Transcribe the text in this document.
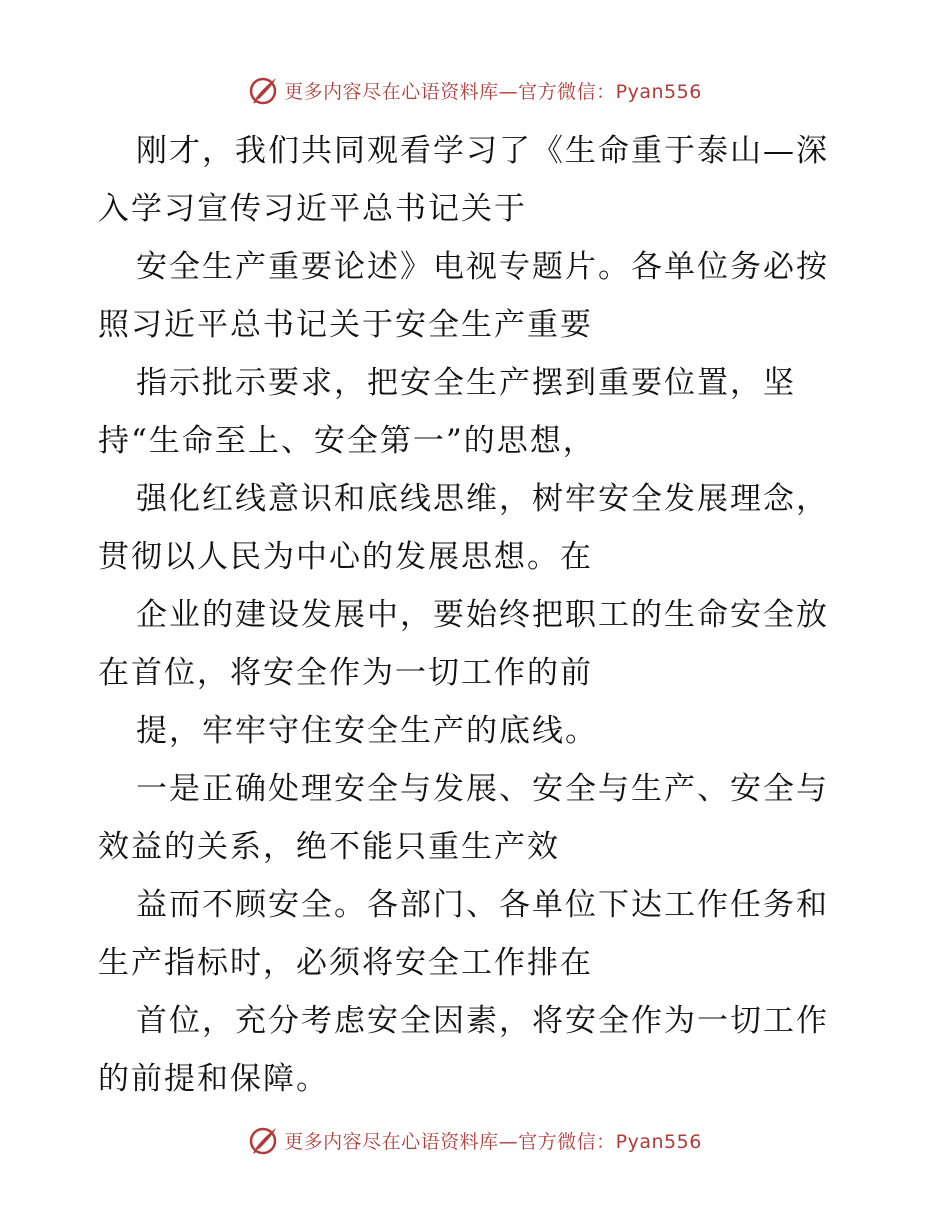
更多内容尽在心语资料库—官方微信：Pyan556

刚才，我们共同观看学习了《生命重于泰山—深
入学习宣传习近平总书记关于

安全生产重要论述》电视专题片。各单位务必按
照习近平总书记关于安全生产重要

指示批示要求，把安全生产摆到重要位置，坚
持“生命至上、安全第一”的思想，

强化红线意识和底线思维，树牢安全发展理念，
贯彻以人民为中心的发展思想。在

企业的建设发展中，要始终把职工的生命安全放
在首位，将安全作为一切工作的前

提，牢牢守住安全生产的底线。

一是正确处理安全与发展、安全与生产、安全与
效益的关系，绝不能只重生产效

益而不顾安全。各部门、各单位下达工作任务和
生产指标时，必须将安全工作排在

首位，充分考虑安全因素，将安全作为一切工作
的前提和保障。

更多内容尽在心语资料库—官方微信：Pyan556
